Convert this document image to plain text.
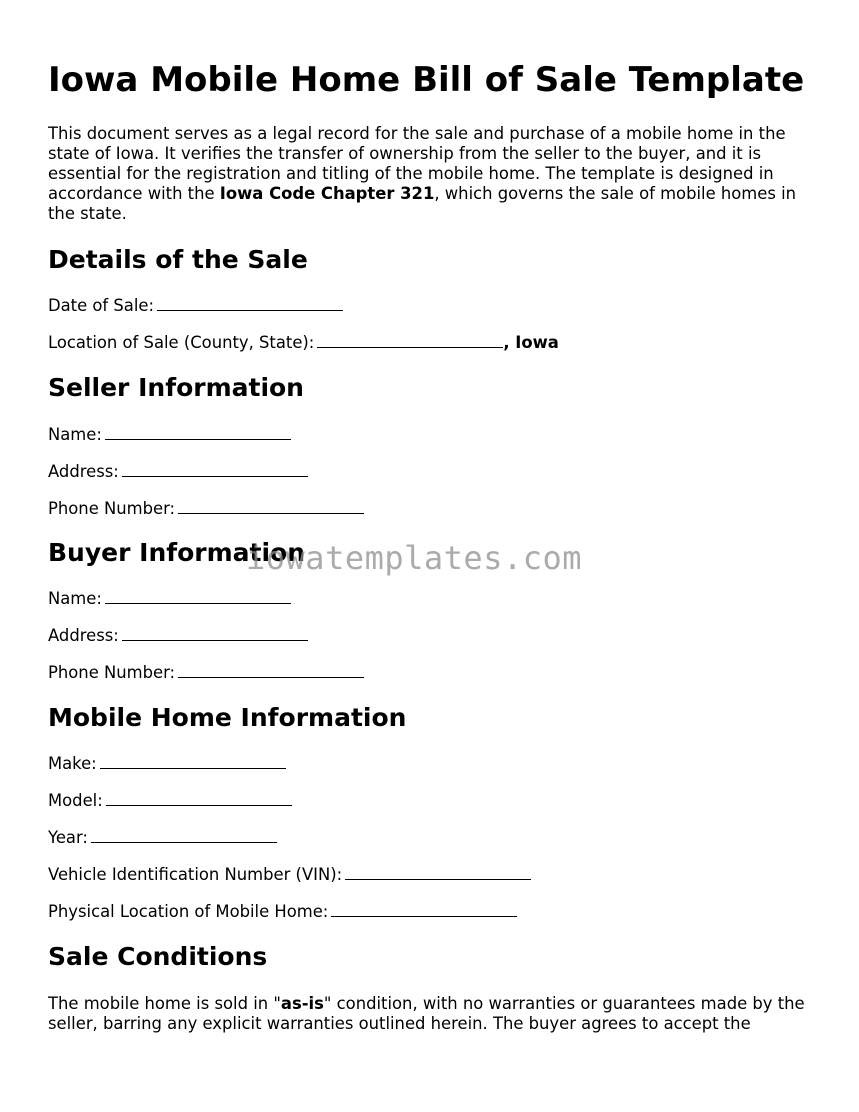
Iowa Mobile Home Bill of Sale Template

This document serves as a legal record for the sale and purchase of a mobile home in the state of Iowa. It verifies the transfer of ownership from the seller to the buyer, and it is essential for the registration and titling of the mobile home. The template is designed in accordance with the Iowa Code Chapter 321, which governs the sale of mobile homes in the state.

Details of the Sale

Date of Sale:

Location of Sale (County, State):	, Iowa

Seller Information

Name:

Address:

Phone Number:

Buyer Information

Name:

Address:

Phone Number:

Mobile Home Information

Make:

Model:

Year:

Vehicle Identification Number (VIN):

Physical Location of Mobile Home:

Sale Conditions

The mobile home is sold in "as-is" condition, with no warranties or guarantees made by the seller, barring any explicit warranties outlined herein. The buyer agrees to accept the

iowatemplates.com
